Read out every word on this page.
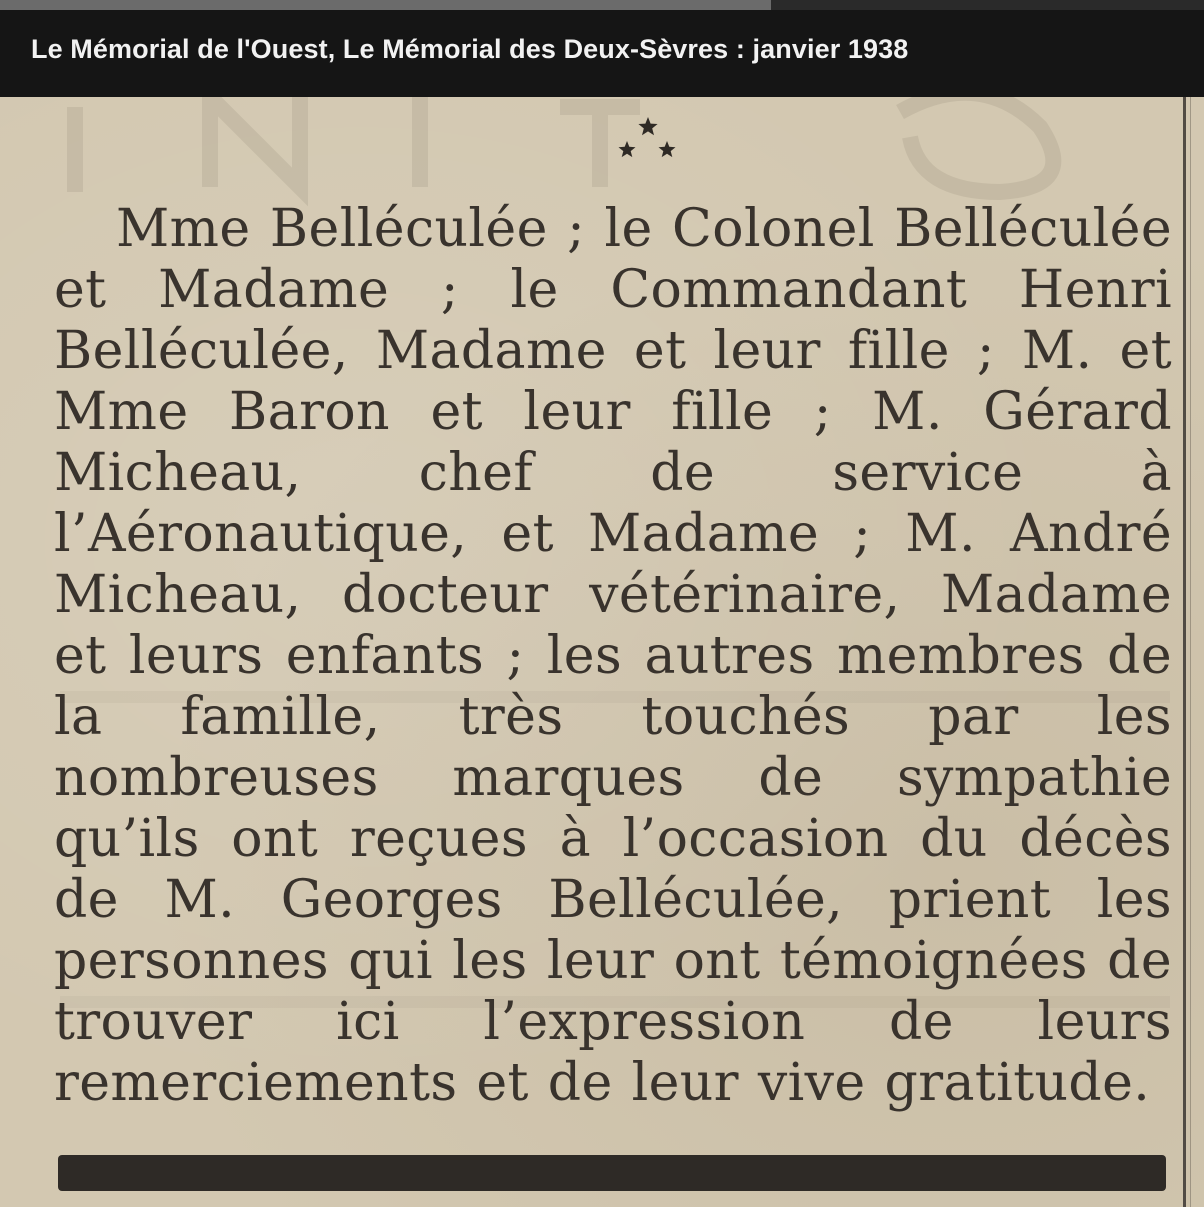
Le Mémorial de l'Ouest, Le Mémorial des Deux-Sèvres : janvier 1938

Mme Belléculée ; le Colonel Belléculée et Madame ; le Commandant Henri Belléculée, Madame et leur fille ; M. et Mme Baron et leur fille ; M. Gérard Micheau, chef de service à l’Aéronautique, et Madame ; M. André Micheau, docteur vétérinaire, Madame et leurs enfants ; les autres membres de la famille, très touchés par les nombreuses marques de sympathie qu’ils ont reçues à l’occasion du décès de M. Georges Belléculée, prient les personnes qui les leur ont témoignées de trouver ici l’expression de leurs remerciements et de leur vive gratitude.
